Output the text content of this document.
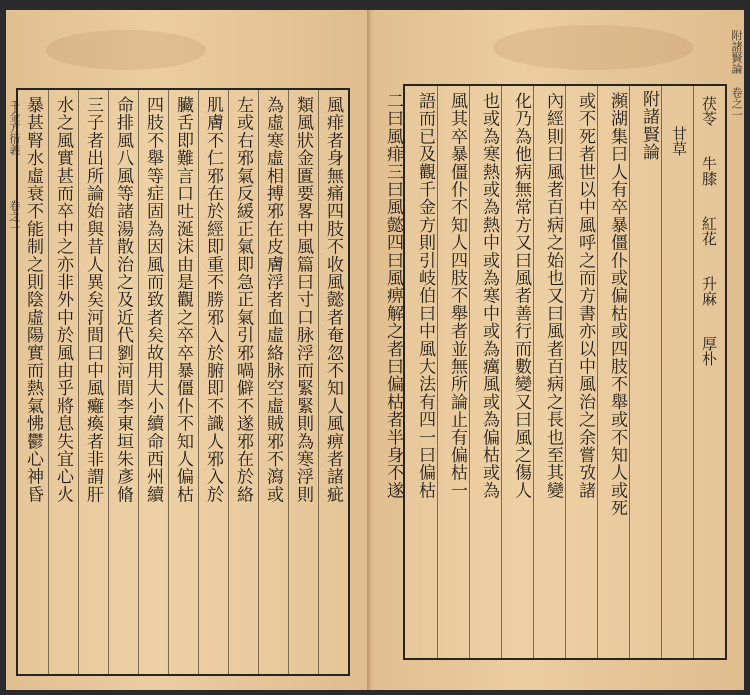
千金方衍義
卷之一	風痱者身無痛四肢不收風懿者奄忽不知人風痹者諸疵
類風狀金匱要畧中風篇曰寸口脉浮而緊緊則為寒浮則
為虛寒虛相搏邪在皮膚浮者血虛絡脉空虛賊邪不瀉或
左或右邪氣反緩正氣即急正氣引邪喎僻不遂邪在於絡
肌膚不仁邪在於經即重不勝邪入於腑即不識人邪入於
臟舌即難言口吐涎沫由是觀之卒卒暴僵仆不知人偏枯
四肢不舉等症固為因風而致者矣故用大小續命西州續
命排風八風等諸湯散治之及近代劉河間李東垣朱彥脩
三子者出所論始與昔人異矣河間曰中風癱瘓者非謂肝
水之風實甚而卒中之亦非外中於風由乎將息失宜心火
暴甚腎水虛衰不能制之則陰虛陽實而熱氣怫鬱心神昏
附諸賢論 卷之一
茯苓　　牛膝　　紅花　　升麻　　厚朴
甘草
附諸賢論
瀕湖集曰人有卒暴僵仆或偏枯或四肢不舉或不知人或死
或不死者世以中風呼之而方書亦以中風治之余嘗攷諸
內經則曰風者百病之始也又曰風者百病之長也至其變
化乃為他病無常方又曰風者善行而數變又曰風之傷人
也或為寒熱或為熱中或為寒中或為癘風或為偏枯或為
風其卒暴僵仆不知人四肢不舉者並無所論止有偏枯一
語而已及觀千金方則引岐伯曰中風大法有四一曰偏枯
二曰風痱三曰風懿四曰風痹解之者曰偏枯者半身不遂
